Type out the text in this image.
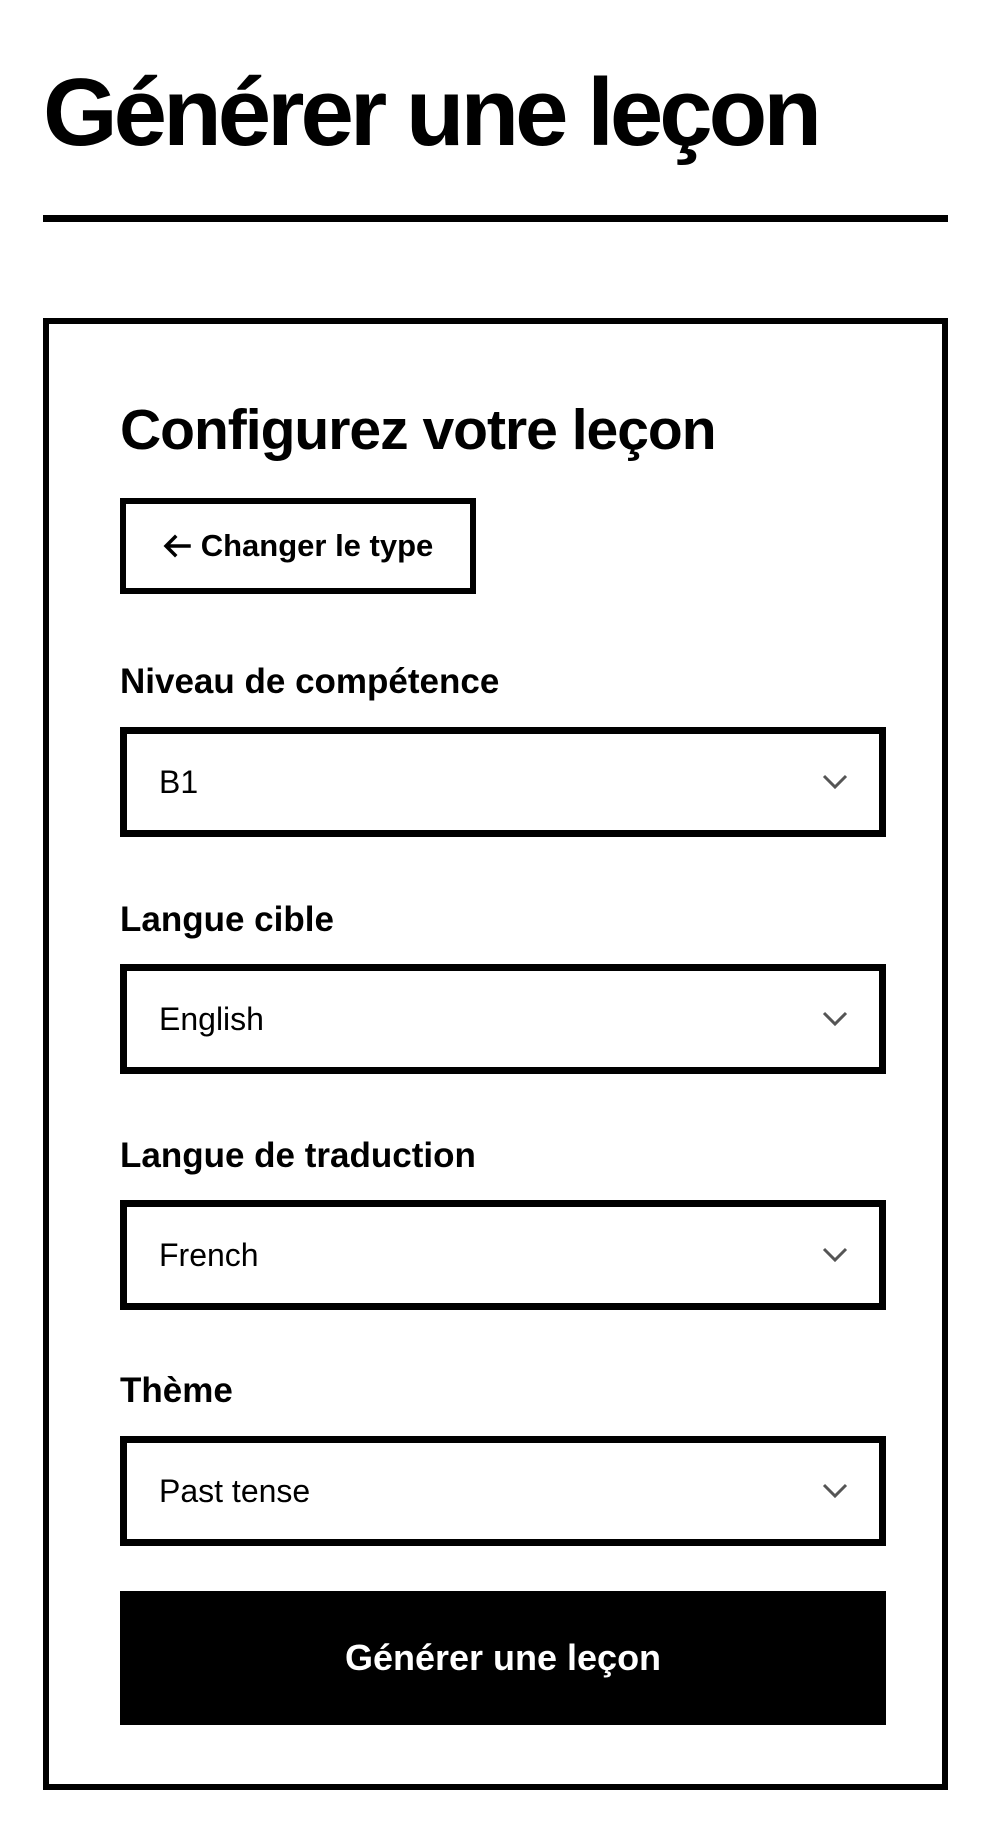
Générer une leçon
Configurez votre leçon
Changer le type
Niveau de compétence
B1
Langue cible
English
Langue de traduction
French
Thème
Past tense
Générer une leçon
